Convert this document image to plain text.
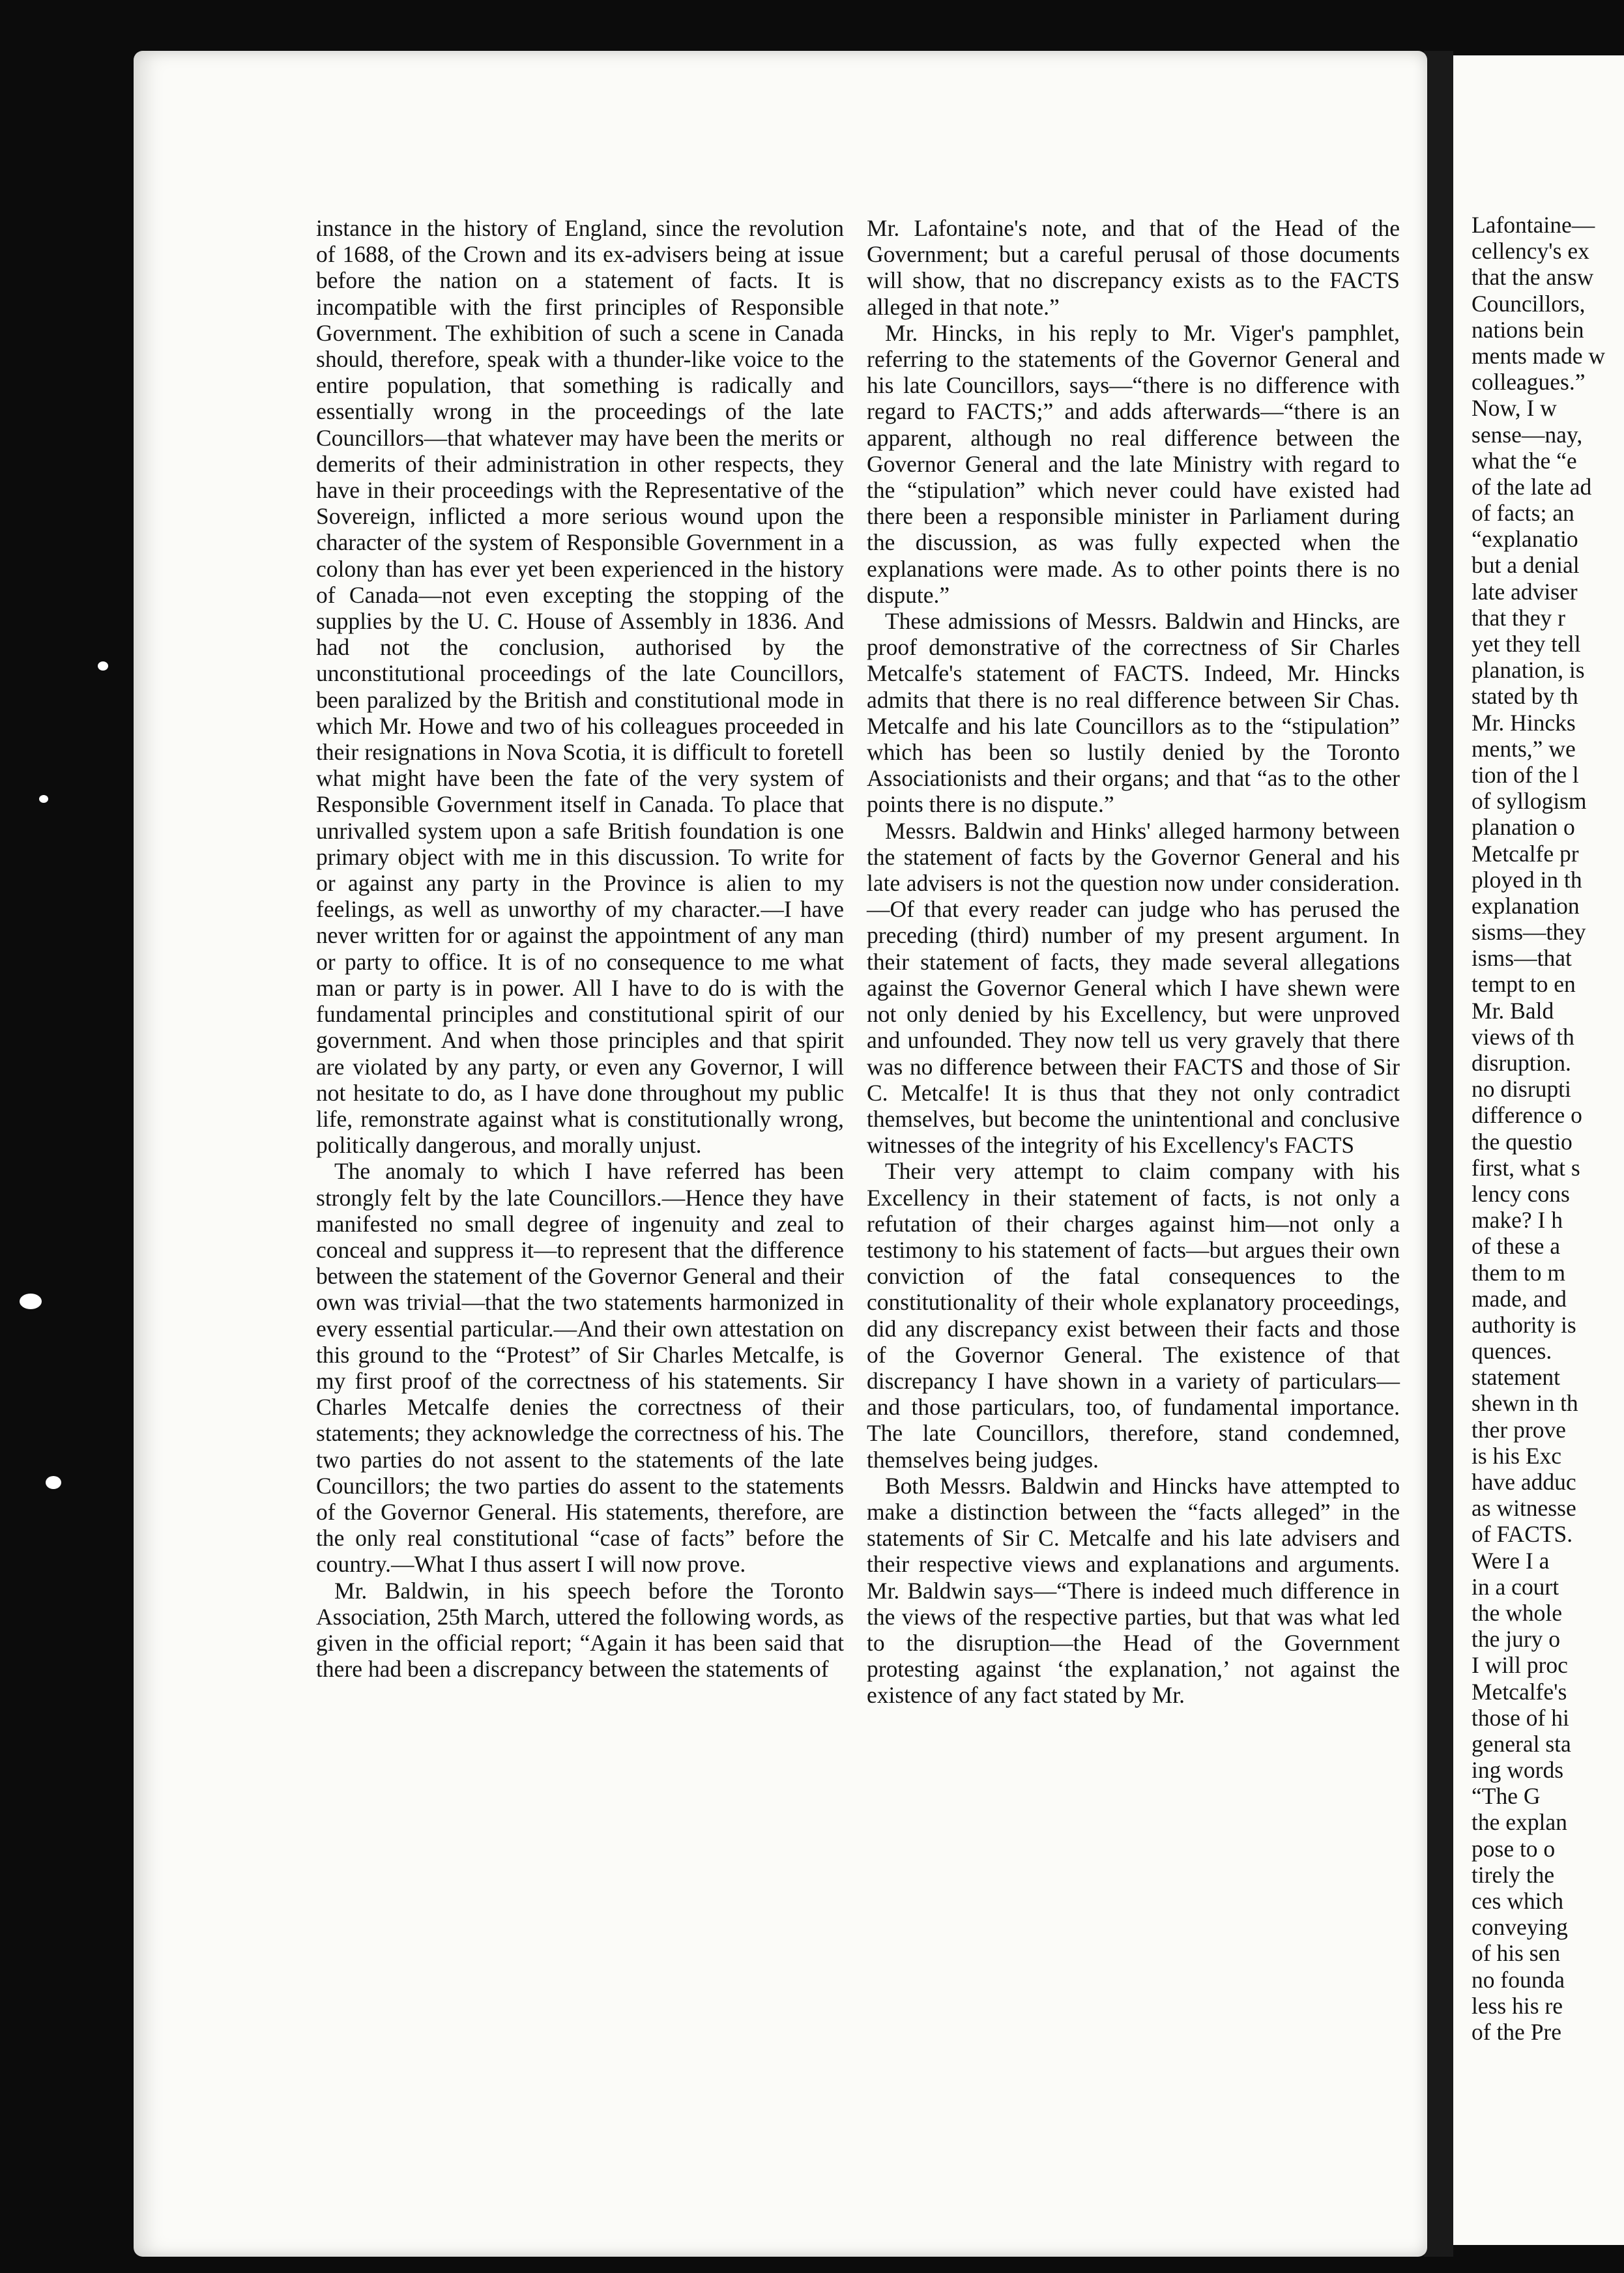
instance in the history of England, since the revolution of 1688, of the Crown and its ex-advisers being at issue before the nation on a statement of facts. It is incompatible with the first principles of Responsible Government. The exhibition of such a scene in Canada should, therefore, speak with a thunder-like voice to the entire population, that something is radically and essentially wrong in the proceedings of the late Councillors—that whatever may have been the merits or demerits of their administration in other respects, they have in their proceedings with the Representative of the Sovereign, inflicted a more serious wound upon the character of the system of Responsible Government in a colony than has ever yet been experienced in the history of Canada—not even excepting the stopping of the supplies by the U. C. House of Assembly in 1836. And had not the conclusion, authorised by the unconstitutional proceedings of the late Councillors, been paralized by the British and constitutional mode in which Mr. Howe and two of his colleagues proceeded in their resignations in Nova Scotia, it is difficult to foretell what might have been the fate of the very system of Responsible Government itself in Canada. To place that unrivalled system upon a safe British foundation is one primary object with me in this discussion. To write for or against any party in the Province is alien to my feelings, as well as unworthy of my character.—I have never written for or against the appointment of any man or party to office. It is of no consequence to me what man or party is in power. All I have to do is with the fundamental principles and constitutional spirit of our government. And when those principles and that spirit are violated by any party, or even any Governor, I will not hesitate to do, as I have done throughout my public life, remonstrate against what is constitutionally wrong, politically dangerous, and morally unjust.

The anomaly to which I have referred has been strongly felt by the late Councillors.—Hence they have manifested no small degree of ingenuity and zeal to conceal and suppress it—to represent that the difference between the statement of the Governor General and their own was trivial—that the two statements harmonized in every essential particular.—And their own attestation on this ground to the “Protest” of Sir Charles Metcalfe, is my first proof of the correctness of his statements. Sir Charles Metcalfe denies the correctness of their statements; they acknowledge the correctness of his. The two parties do not assent to the statements of the late Councillors; the two parties do assent to the statements of the Governor General. His statements, therefore, are the only real constitutional “case of facts” before the country.—What I thus assert I will now prove.

Mr. Baldwin, in his speech before the Toronto Association, 25th March, uttered the following words, as given in the official report; “Again it has been said that there had been a discrepancy between the statements of

Mr. Lafontaine's note, and that of the Head of the Government; but a careful perusal of those documents will show, that no discrepancy exists as to the FACTS alleged in that note.”

Mr. Hincks, in his reply to Mr. Viger's pamphlet, referring to the statements of the Governor General and his late Councillors, says—“there is no difference with regard to FACTS;” and adds afterwards—“there is an apparent, although no real difference between the Governor General and the late Ministry with regard to the “stipulation” which never could have existed had there been a responsible minister in Parliament during the discussion, as was fully expected when the explanations were made. As to other points there is no dispute.”

These admissions of Messrs. Baldwin and Hincks, are proof demonstrative of the correctness of Sir Charles Metcalfe's statement of FACTS. Indeed, Mr. Hincks admits that there is no real difference between Sir Chas. Metcalfe and his late Councillors as to the “stipulation” which has been so lustily denied by the Toronto Associationists and their organs; and that “as to the other points there is no dispute.”

Messrs. Baldwin and Hinks' alleged harmony between the statement of facts by the Governor General and his late advisers is not the question now under consideration.—Of that every reader can judge who has perused the preceding (third) number of my present argument. In their statement of facts, they made several allegations against the Governor General which I have shewn were not only denied by his Excellency, but were unproved and unfounded. They now tell us very gravely that there was no difference between their FACTS and those of Sir C. Metcalfe! It is thus that they not only contradict themselves, but become the unintentional and conclusive witnesses of the integrity of his Excellency's FACTS

Their very attempt to claim company with his Excellency in their statement of facts, is not only a refutation of their charges against him—not only a testimony to his statement of facts—but argues their own conviction of the fatal consequences to the constitutionality of their whole explanatory proceedings, did any discrepancy exist between their facts and those of the Governor General. The existence of that discrepancy I have shown in a variety of particulars—and those particulars, too, of fundamental importance. The late Councillors, therefore, stand condemned, themselves being judges.

Both Messrs. Baldwin and Hincks have attempted to make a distinction between the “facts alleged” in the statements of Sir C. Metcalfe and his late advisers and their respective views and explanations and arguments. Mr. Baldwin says—“There is indeed much difference in the views of the respective parties, but that was what led to the disruption—the Head of the Government protesting against ‘the explanation,’ not against the existence of any fact stated by Mr.

Lafontaine—
cellency's ex
that the answ
Councillors,
nations bein
ments made w
colleagues.”
Now, I w
sense—nay,
what the “e
of the late ad
of facts; an
“explanatio
but a denial
late adviser
that they r
yet they tell
planation, is
stated by th
Mr. Hincks
ments,” we
tion of the l
of syllogism
planation o
Metcalfe pr
ployed in th
explanation
sisms—they
isms—that
tempt to en
Mr. Bald
views of th
disruption.
no disrupti
difference o
the questio
first, what s
lency cons
make? I h
of these a
them to m
made, and
authority is
quences.
statement
shewn in th
ther prove
is his Exc
have adduc
as witnesse
of FACTS.
Were I a
in a court
the whole
the jury o
I will proc
Metcalfe's
those of hi
general sta
ing words
“The G
the explan
pose to o
tirely the
ces which
conveying
of his sen
no founda
less his re
of the Pre
